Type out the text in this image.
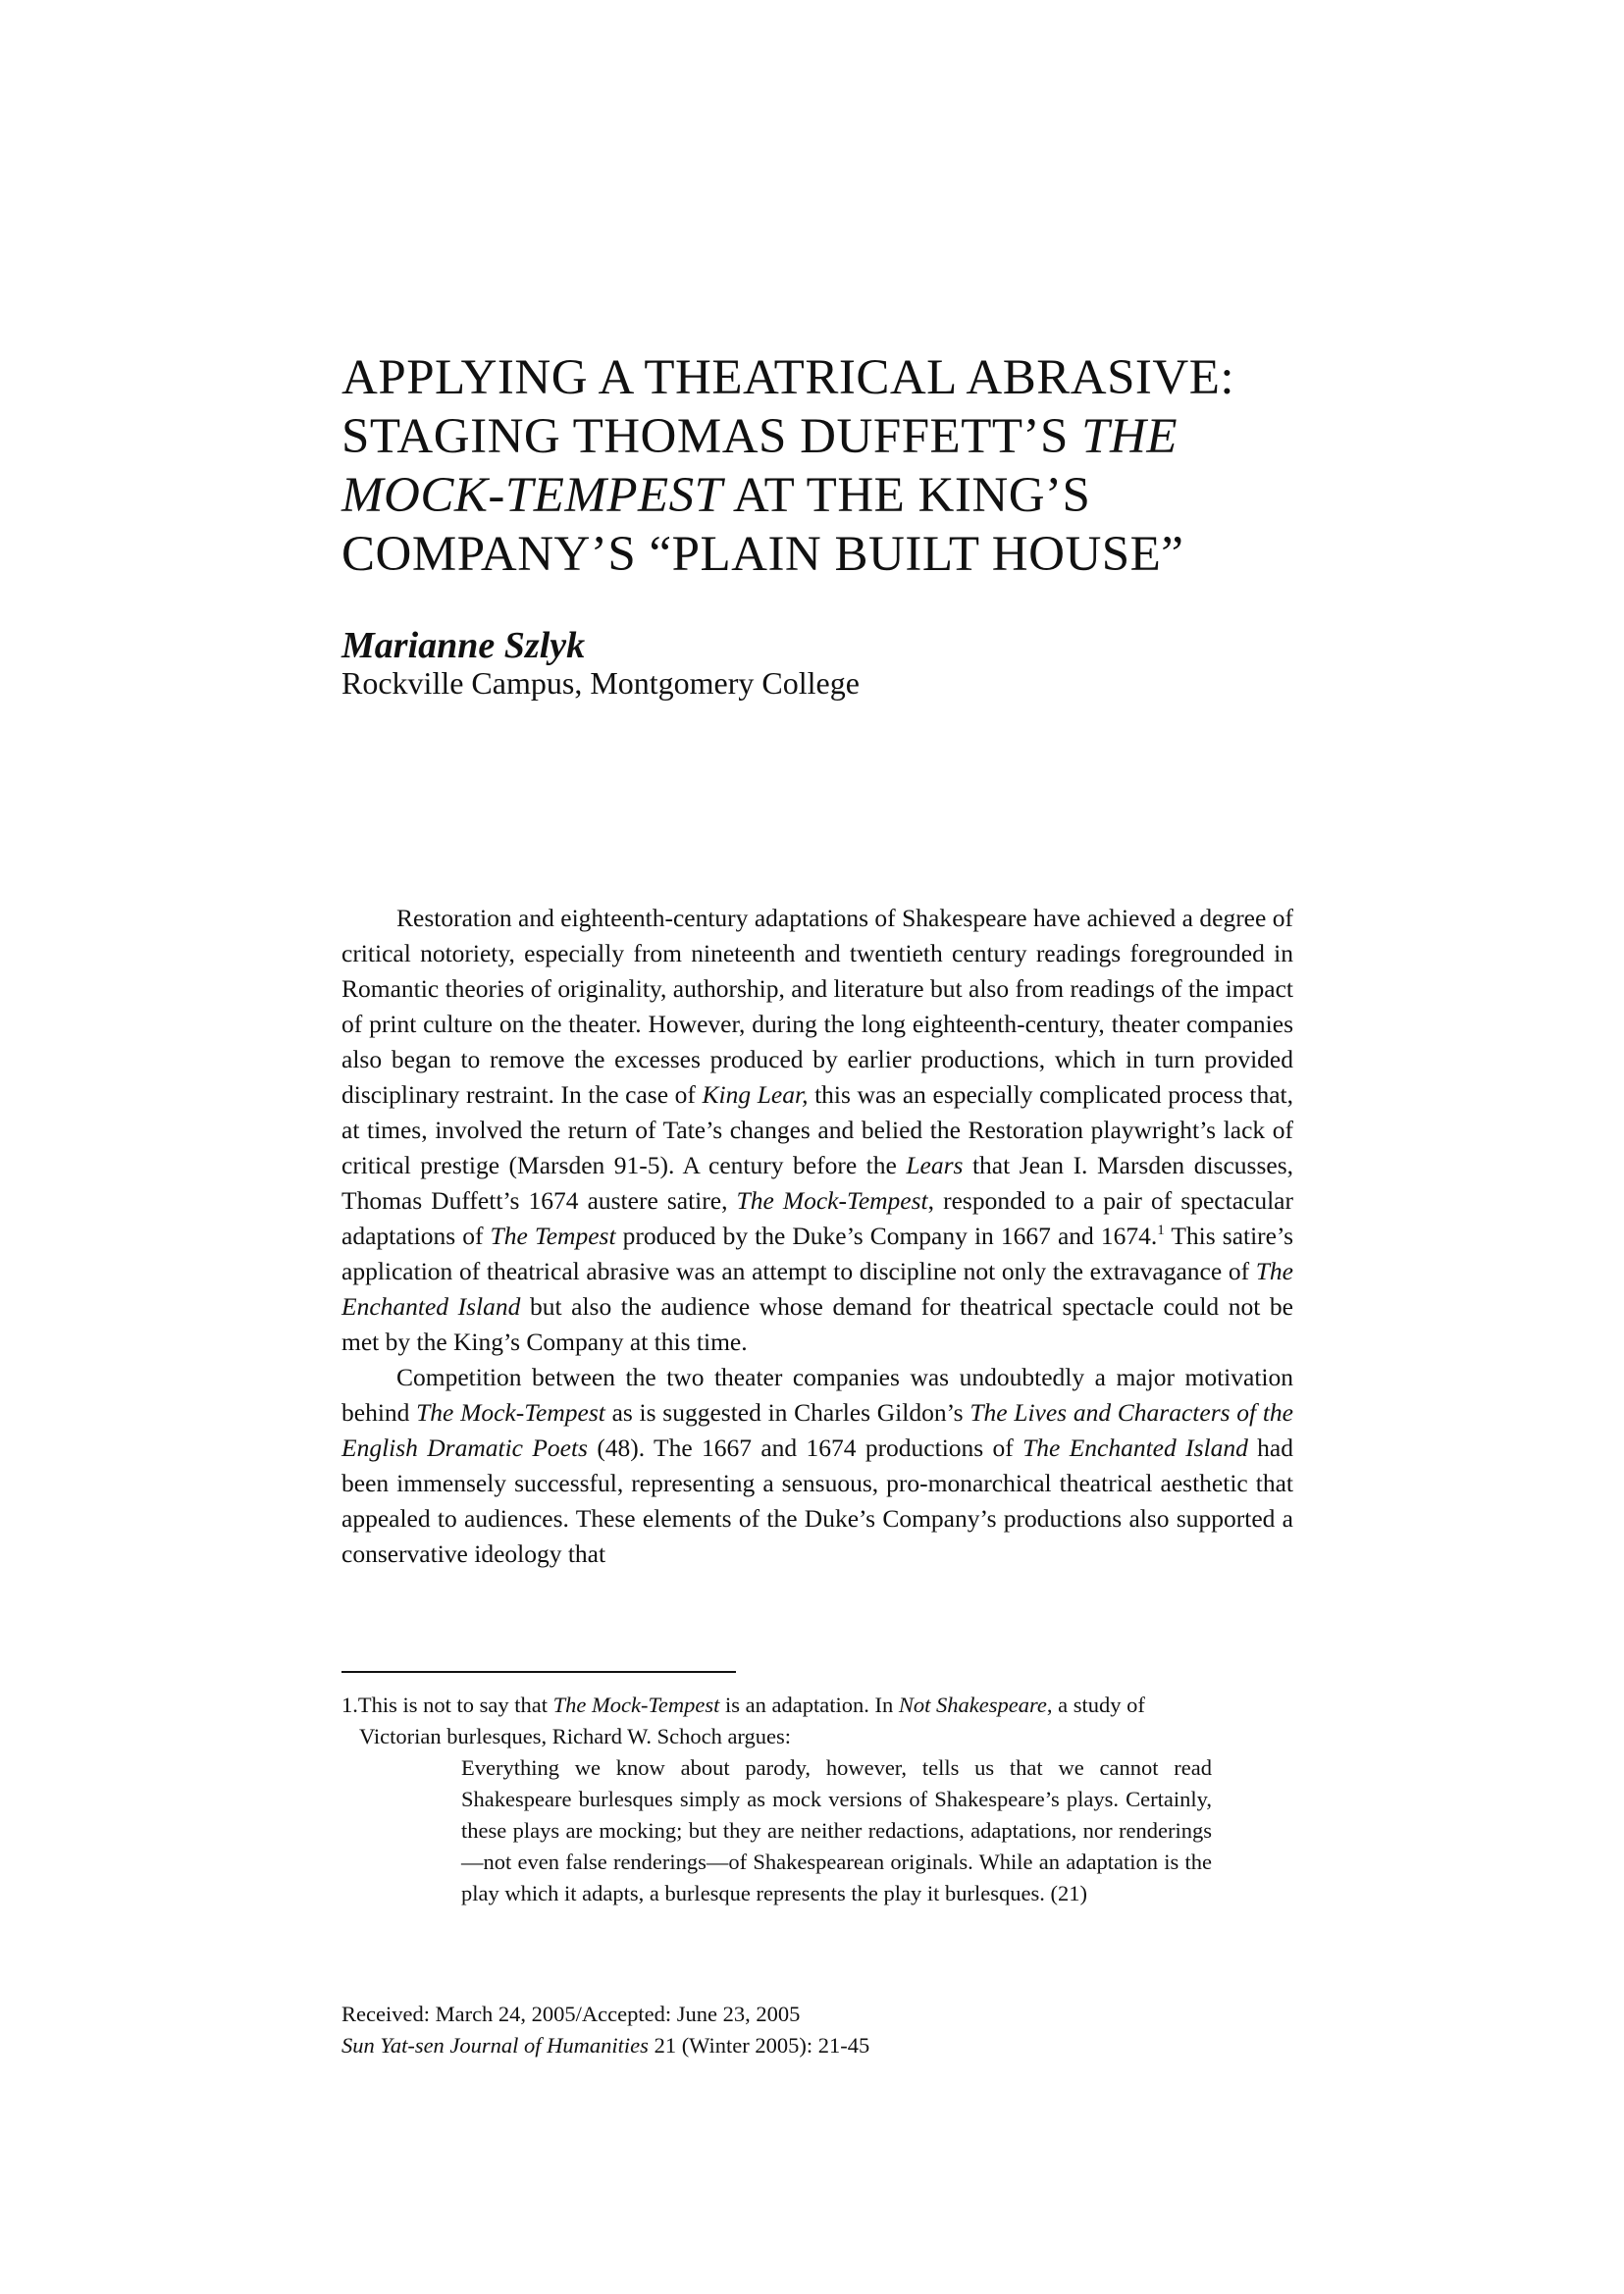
APPLYING A THEATRICAL ABRASIVE:
STAGING THOMAS DUFFETT’S THE
MOCK-TEMPEST AT THE KING’S
COMPANY’S “PLAIN BUILT HOUSE”
Marianne Szlyk
Rockville Campus, Montgomery College

Restoration and eighteenth-century adaptations of Shakespeare have achieved a degree of critical notoriety, especially from nineteenth and twentieth century readings foregrounded in Romantic theories of originality, authorship, and literature but also from readings of the impact of print culture on the theater. However, during the long eighteenth-century, theater companies also began to remove the excesses produced by earlier productions, which in turn provided disciplinary restraint. In the case of King Lear, this was an especially complicated process that, at times, involved the return of Tate’s changes and belied the Restoration playwright’s lack of critical prestige (Marsden 91-5). A century before the Lears that Jean I. Marsden discusses, Thomas Duffett’s 1674 austere satire, The Mock-Tempest, responded to a pair of spectacular adaptations of The Tempest produced by the Duke’s Company in 1667 and 1674.$^1$ This satire’s application of theatrical abrasive was an attempt to discipline not only the extravagance of The Enchanted Island but also the audience whose demand for theatrical spectacle could not be met by the King’s Company at this time.

Competition between the two theater companies was undoubtedly a major motivation behind The Mock-Tempest as is suggested in Charles Gildon’s The Lives and Characters of the English Dramatic Poets (48). The 1667 and 1674 productions of The Enchanted Island had been immensely successful, representing a sensuous, pro-monarchical theatrical aesthetic that appealed to audiences. These elements of the Duke’s Company’s productions also supported a conservative ideology that

1.This is not to say that The Mock-Tempest is an adaptation. In Not Shakespeare, a study of
Victorian burlesques, Richard W. Schoch argues:

Everything we know about parody, however, tells us that we cannot read Shakespeare burlesques simply as mock versions of Shakespeare’s plays. Certainly, these plays are mocking; but they are neither redactions, adaptations, nor renderings—not even false renderings—of Shakespearean originals. While an adaptation is the play which it adapts, a burlesque represents the play it burlesques. (21)

Received: March 24, 2005/Accepted: June 23, 2005
Sun Yat-sen Journal of Humanities 21 (Winter 2005): 21-45
